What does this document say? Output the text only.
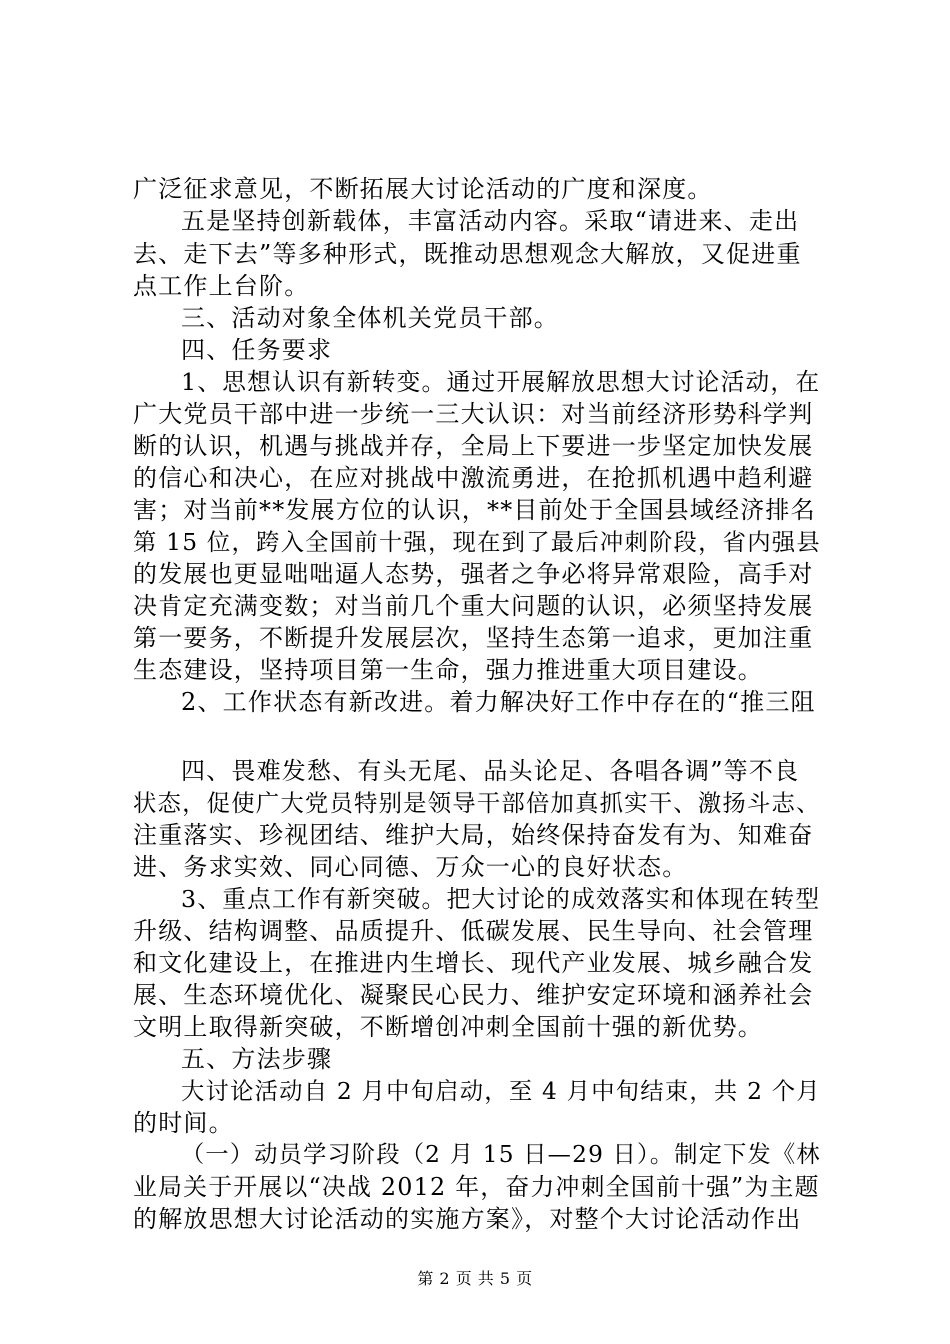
广泛征求意见，不断拓展大讨论活动的广度和深度。
五是坚持创新载体，丰富活动内容。采取“请进来、走出
去、走下去”等多种形式，既推动思想观念大解放，又促进重
点工作上台阶。
三、活动对象全体机关党员干部。
四、任务要求
1、思想认识有新转变。通过开展解放思想大讨论活动，在
广大党员干部中进一步统一三大认识：对当前经济形势科学判
断的认识，机遇与挑战并存，全局上下要进一步坚定加快发展
的信心和决心，在应对挑战中激流勇进，在抢抓机遇中趋利避
害；对当前**发展方位的认识，**目前处于全国县域经济排名
第 15 位，跨入全国前十强，现在到了最后冲刺阶段，省内强县
的发展也更显咄咄逼人态势，强者之争必将异常艰险，高手对
决肯定充满变数；对当前几个重大问题的认识，必须坚持发展
第一要务，不断提升发展层次，坚持生态第一追求，更加注重
生态建设，坚持项目第一生命，强力推进重大项目建设。
2、工作状态有新改进。着力解决好工作中存在的“推三阻
四、畏难发愁、有头无尾、品头论足、各唱各调”等不良
状态，促使广大党员特别是领导干部倍加真抓实干、激扬斗志、
注重落实、珍视团结、维护大局，始终保持奋发有为、知难奋
进、务求实效、同心同德、万众一心的良好状态。
3、重点工作有新突破。把大讨论的成效落实和体现在转型
升级、结构调整、品质提升、低碳发展、民生导向、社会管理
和文化建设上，在推进内生增长、现代产业发展、城乡融合发
展、生态环境优化、凝聚民心民力、维护安定环境和涵养社会
文明上取得新突破，不断增创冲刺全国前十强的新优势。
五、方法步骤
大讨论活动自 2 月中旬启动，至 4 月中旬结束，共 2 个月
的时间。
（一）动员学习阶段（2 月 15 日—29 日）。制定下发《林
业局关于开展以“决战 2012 年，奋力冲刺全国前十强”为主题
的解放思想大讨论活动的实施方案》，对整个大讨论活动作出
第 2 页 共 5 页
